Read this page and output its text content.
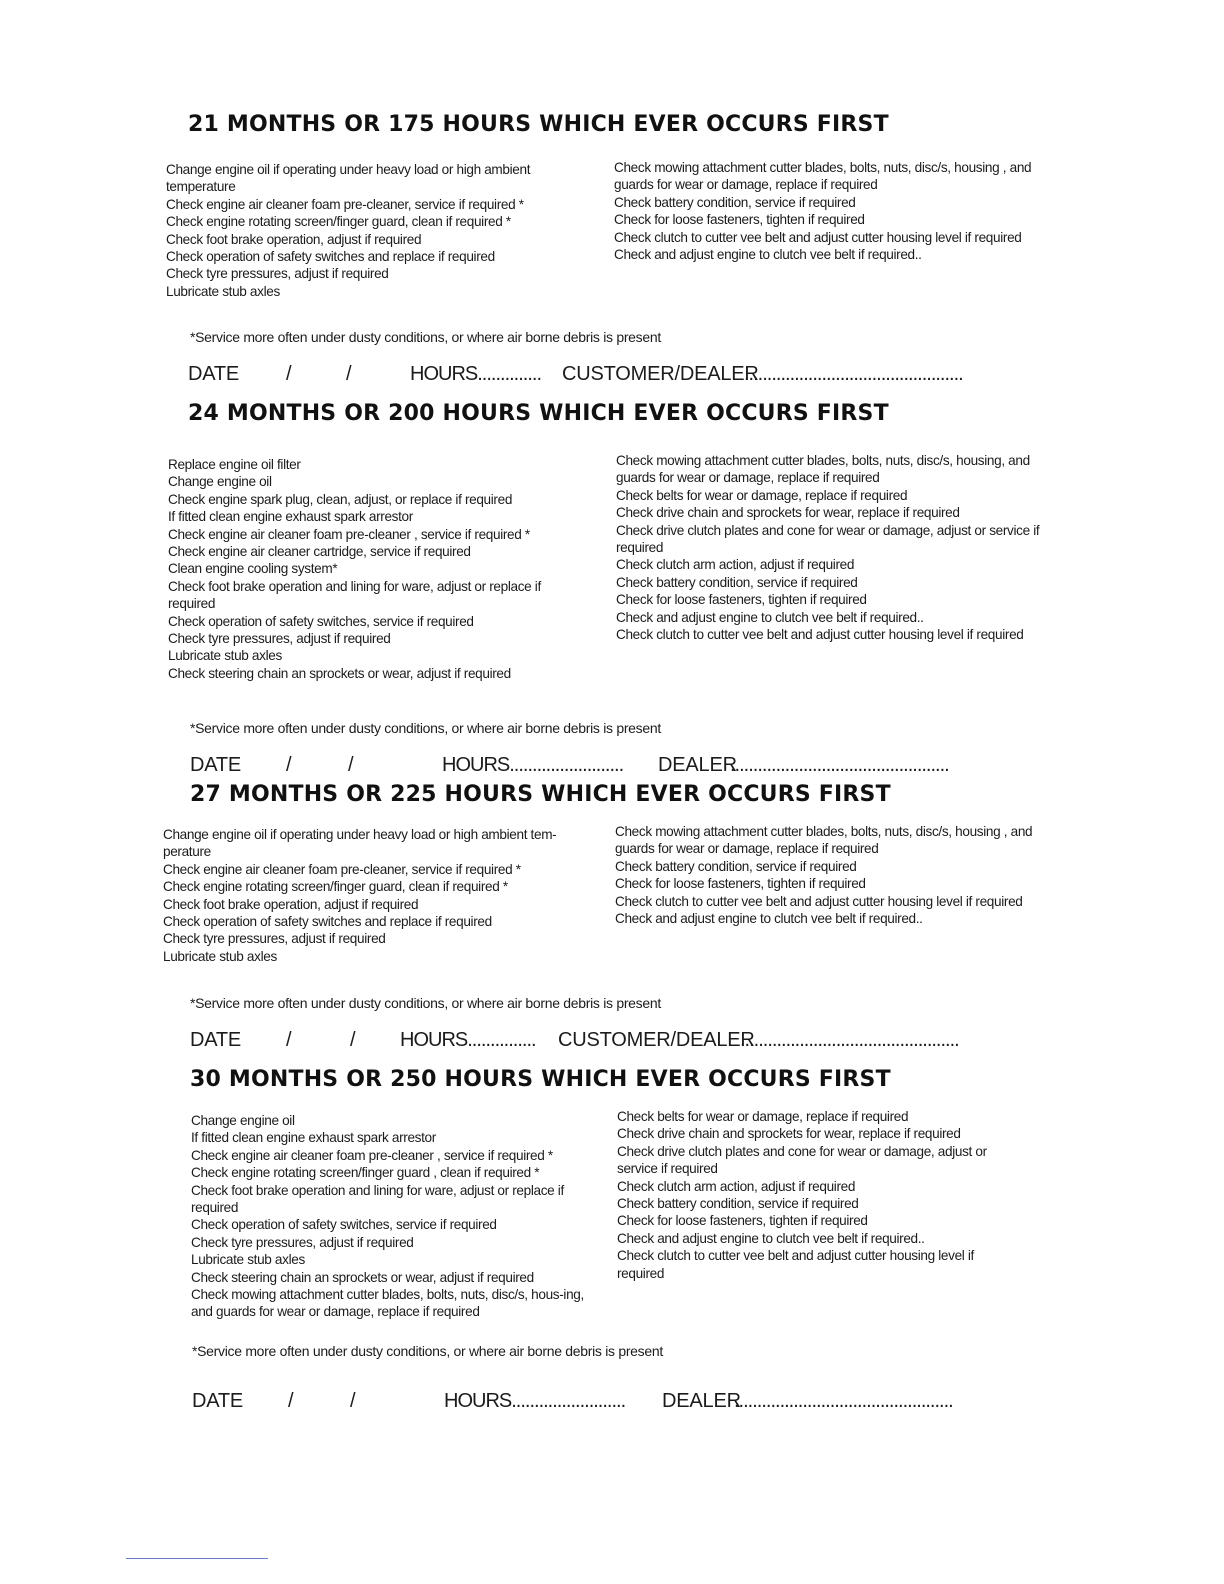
21 MONTHS OR 175 HOURS WHICH EVER OCCURS FIRST
Change engine oil if operating under heavy load or high ambient temperature
Check engine air cleaner foam pre-cleaner, service if required *
Check engine rotating screen/finger guard, clean if required *
Check foot brake operation, adjust if required
Check operation of safety switches and replace if required
Check tyre pressures, adjust if required
Lubricate stub axles
Check mowing attachment cutter blades, bolts, nuts, disc/s, housing , and guards for wear or damage, replace if required
Check battery condition, service if required
Check for loose fasteners, tighten if required
Check clutch to cutter vee belt and adjust cutter housing level if required
Check and adjust engine to clutch vee belt if required..
*Service more often under dusty conditions, or where air borne debris is present
DATE /	/	HOURS.............. CUSTOMER/DEALER
................................................
24 MONTHS OR 200 HOURS WHICH EVER OCCURS FIRST
Replace engine oil filter
Change engine oil
Check engine spark plug, clean, adjust, or replace if required
If fitted clean engine exhaust spark arrestor
Check engine air cleaner foam pre-cleaner , service if required *
Check engine air cleaner cartridge, service if required
Clean engine cooling system*
Check foot brake operation and lining for ware, adjust or replace if required
Check operation of safety switches, service if required
Check tyre pressures, adjust if required
Lubricate stub axles
Check steering chain an sprockets or wear, adjust if required
Check mowing attachment cutter blades, bolts, nuts, disc/s, housing, and guards for wear or damage, replace if required
Check belts for wear or damage, replace if required
Check drive chain and sprockets for wear, replace if required
Check drive clutch plates and cone for wear or damage, adjust or service if required
Check clutch arm action, adjust if required
Check battery condition, service if required
Check for loose fasteners, tighten if required
Check and adjust engine to clutch vee belt if required..
Check clutch to cutter vee belt and adjust cutter housing level if required
*Service more often under dusty conditions, or where air borne debris is present
DATE /	/	HOURS......................... DEALER
................................................
27 MONTHS OR 225 HOURS WHICH EVER OCCURS FIRST
Change engine oil if operating under heavy load or high ambient tem-perature
Check engine air cleaner foam pre-cleaner, service if required *
Check engine rotating screen/finger guard, clean if required *
Check foot brake operation, adjust if required
Check operation of safety switches and replace if required
Check tyre pressures, adjust if required
Lubricate stub axles
Check mowing attachment cutter blades, bolts, nuts, disc/s, housing , and guards for wear or damage, replace if required
Check battery condition, service if required
Check for loose fasteners, tighten if required
Check clutch to cutter vee belt and adjust cutter housing level if required
Check and adjust engine to clutch vee belt if required..
*Service more often under dusty conditions, or where air borne debris is present
DATE /	/ HOURS............... CUSTOMER/DEALER
................................................
30 MONTHS OR 250 HOURS WHICH EVER OCCURS FIRST
Change engine oil
If fitted clean engine exhaust spark arrestor
Check engine air cleaner foam pre-cleaner , service if required *
Check engine rotating screen/finger guard , clean if required *
Check foot brake operation and lining for ware, adjust or replace if required
Check operation of safety switches, service if required
Check tyre pressures, adjust if required
Lubricate stub axles
Check steering chain an sprockets or wear, adjust if required
Check mowing attachment cutter blades, bolts, nuts, disc/s, hous-ing, and guards for wear or damage, replace if required
Check belts for wear or damage, replace if required
Check drive chain and sprockets for wear, replace if required
Check drive clutch plates and cone for wear or damage, adjust or service if required
Check clutch arm action, adjust if required
Check battery condition, service if required
Check for loose fasteners, tighten if required
Check and adjust engine to clutch vee belt if required..
Check clutch to cutter vee belt and adjust cutter housing level if required
*Service more often under dusty conditions, or where air borne debris is present
DATE /	/	HOURS......................... DEALER
................................................
